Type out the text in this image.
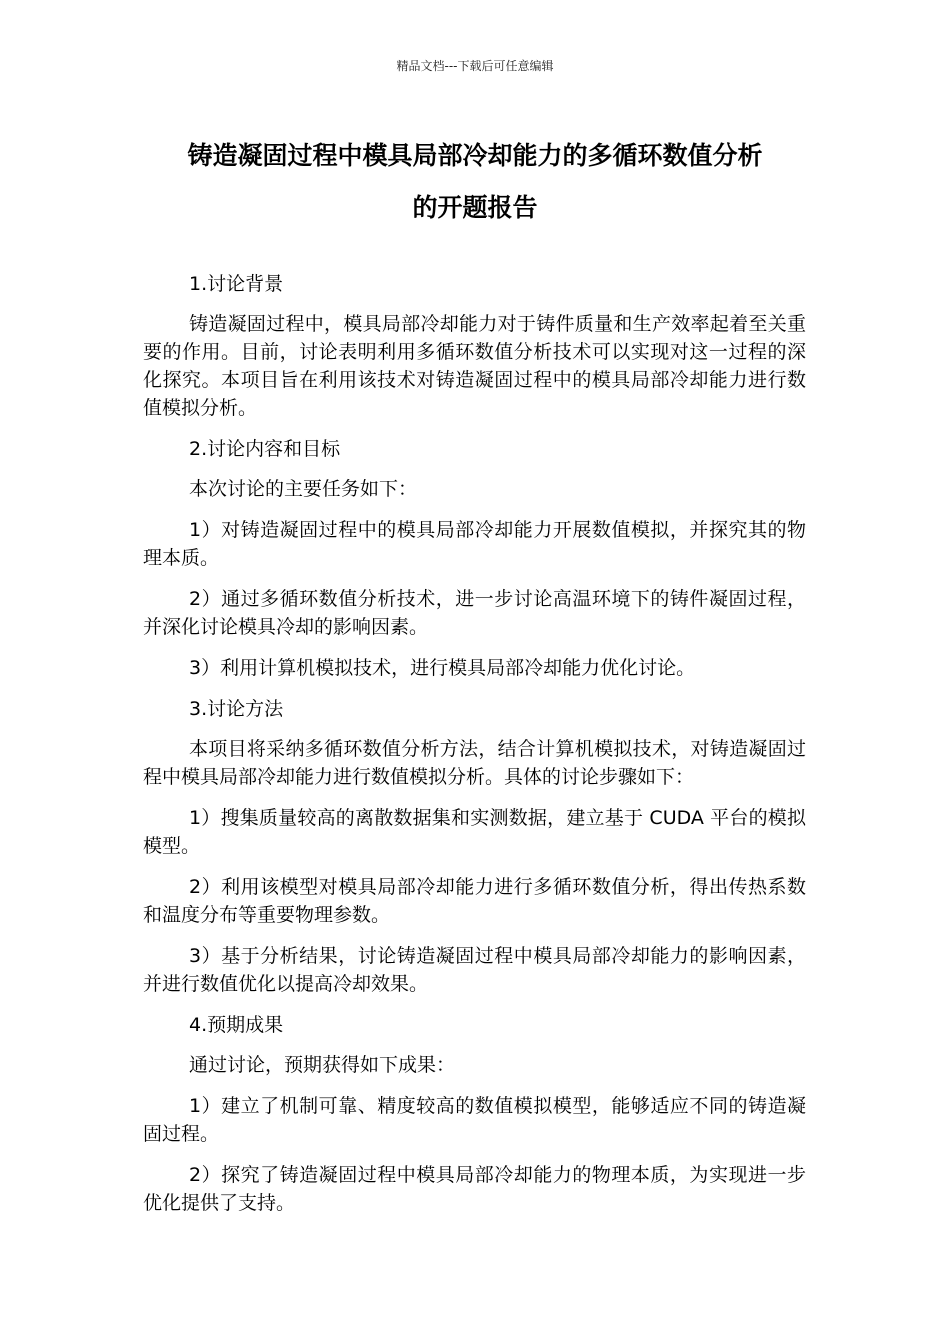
精品文档---下载后可任意编辑
铸造凝固过程中模具局部冷却能力的多循环数值分析
的开题报告

1.讨论背景

铸造凝固过程中，模具局部冷却能力对于铸件质量和生产效率起着至关重要的作用。目前，讨论表明利用多循环数值分析技术可以实现对这一过程的深化探究。本项目旨在利用该技术对铸造凝固过程中的模具局部冷却能力进行数值模拟分析。

2.讨论内容和目标

本次讨论的主要任务如下：

1）对铸造凝固过程中的模具局部冷却能力开展数值模拟，并探究其的物理本质。

2）通过多循环数值分析技术，进一步讨论高温环境下的铸件凝固过程，并深化讨论模具冷却的影响因素。

3）利用计算机模拟技术，进行模具局部冷却能力优化讨论。

3.讨论方法

本项目将采纳多循环数值分析方法，结合计算机模拟技术，对铸造凝固过程中模具局部冷却能力进行数值模拟分析。具体的讨论步骤如下：

1）搜集质量较高的离散数据集和实测数据，建立基于 CUDA 平台的模拟模型。

2）利用该模型对模具局部冷却能力进行多循环数值分析，得出传热系数和温度分布等重要物理参数。

3）基于分析结果，讨论铸造凝固过程中模具局部冷却能力的影响因素，并进行数值优化以提高冷却效果。

4.预期成果

通过讨论，预期获得如下成果：

1）建立了机制可靠、精度较高的数值模拟模型，能够适应不同的铸造凝固过程。

2）探究了铸造凝固过程中模具局部冷却能力的物理本质，为实现进一步优化提供了支持。
